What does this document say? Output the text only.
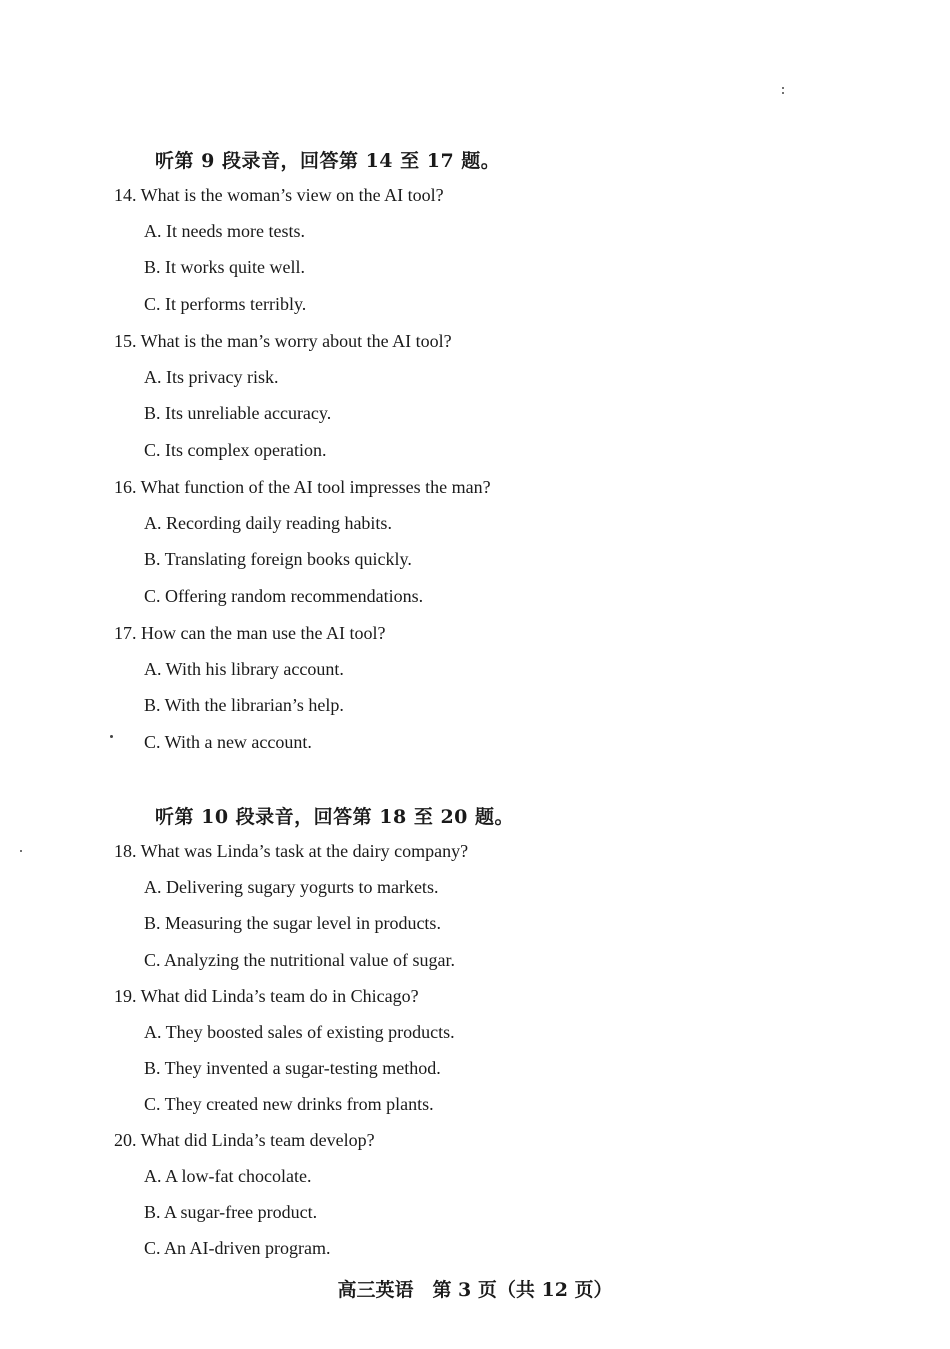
听第 9 段录音，回答第 14 至 17 题。
14. What is the woman’s view on the AI tool?
A. It needs more tests.
B. It works quite well.
C. It performs terribly.
15. What is the man’s worry about the AI tool?
A. Its privacy risk.
B. Its unreliable accuracy.
C. Its complex operation.
16. What function of the AI tool impresses the man?
A. Recording daily reading habits.
B. Translating foreign books quickly.
C. Offering random recommendations.
17. How can the man use the AI tool?
A. With his library account.
B. With the librarian’s help.
C. With a new account.
听第 10 段录音，回答第 18 至 20 题。
18. What was Linda’s task at the dairy company?
A. Delivering sugary yogurts to markets.
B. Measuring the sugar level in products.
C. Analyzing the nutritional value of sugar.
19. What did Linda’s team do in Chicago?
A. They boosted sales of existing products.
B. They invented a sugar-testing method.
C. They created new drinks from plants.
20. What did Linda’s team develop?
A. A low-fat chocolate.
B. A sugar-free product.
C. An AI-driven program.
高三英语　第 3 页（共 12 页）
